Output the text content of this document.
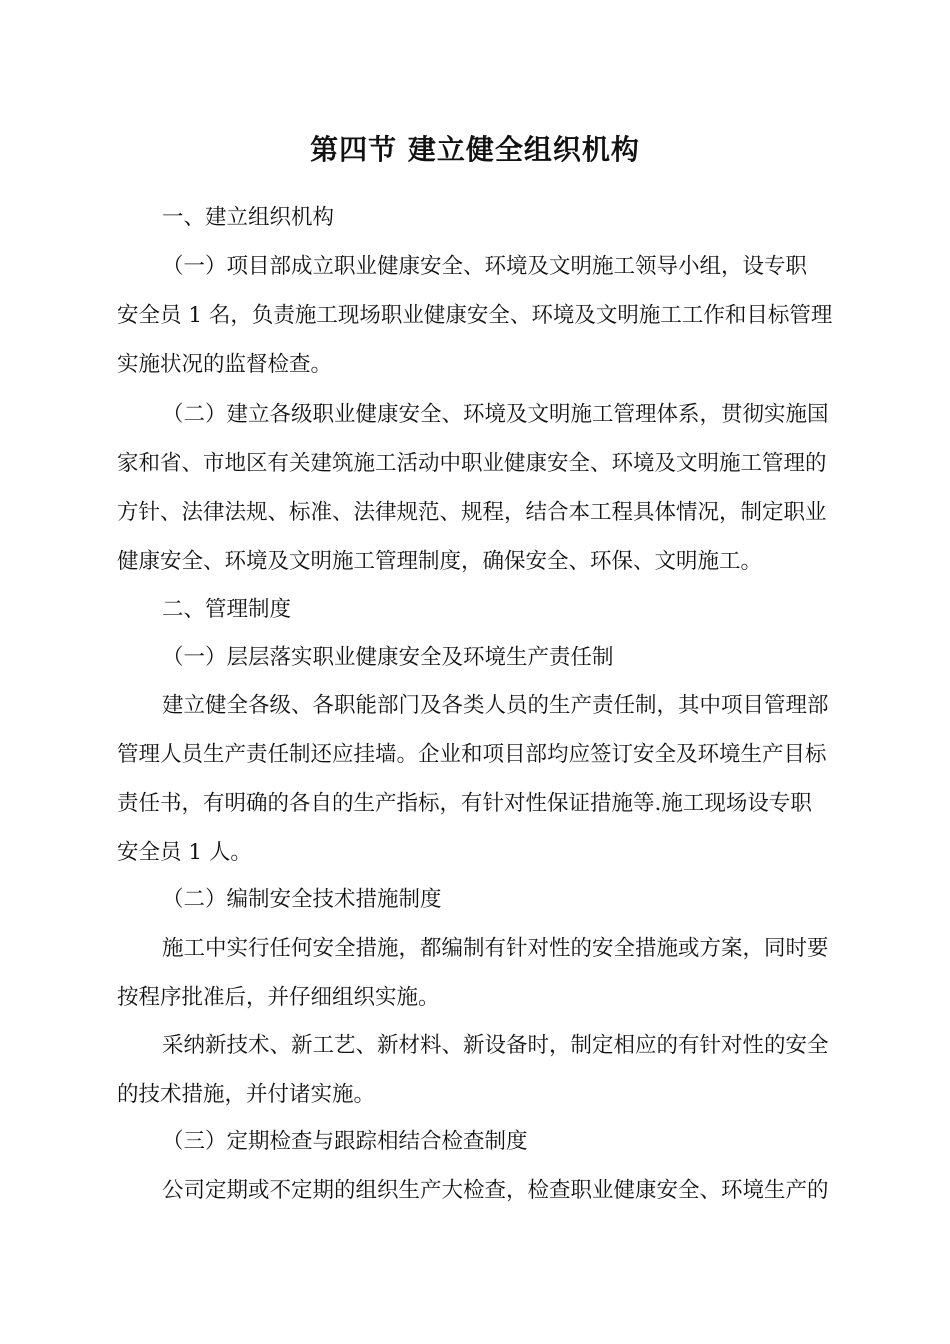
第四节 建立健全组织机构
一、建立组织机构
（一）项目部成立职业健康安全、环境及文明施工领导小组，设专职
安全员 1 名，负责施工现场职业健康安全、环境及文明施工工作和目标管理
实施状况的监督检查。
（二）建立各级职业健康安全、环境及文明施工管理体系，贯彻实施国
家和省、市地区有关建筑施工活动中职业健康安全、环境及文明施工管理的
方针、法律法规、标准、法律规范、规程，结合本工程具体情况，制定职业
健康安全、环境及文明施工管理制度，确保安全、环保、文明施工。
二、管理制度
（一）层层落实职业健康安全及环境生产责任制
建立健全各级、各职能部门及各类人员的生产责任制，其中项目管理部
管理人员生产责任制还应挂墙。企业和项目部均应签订安全及环境生产目标
责任书，有明确的各自的生产指标，有针对性保证措施等.施工现场设专职
安全员 1 人。
（二）编制安全技术措施制度
施工中实行任何安全措施，都编制有针对性的安全措施或方案，同时要
按程序批准后，并仔细组织实施。
采纳新技术、新工艺、新材料、新设备时，制定相应的有针对性的安全
的技术措施，并付诸实施。
（三）定期检查与跟踪相结合检查制度
公司定期或不定期的组织生产大检查，检查职业健康安全、环境生产的
